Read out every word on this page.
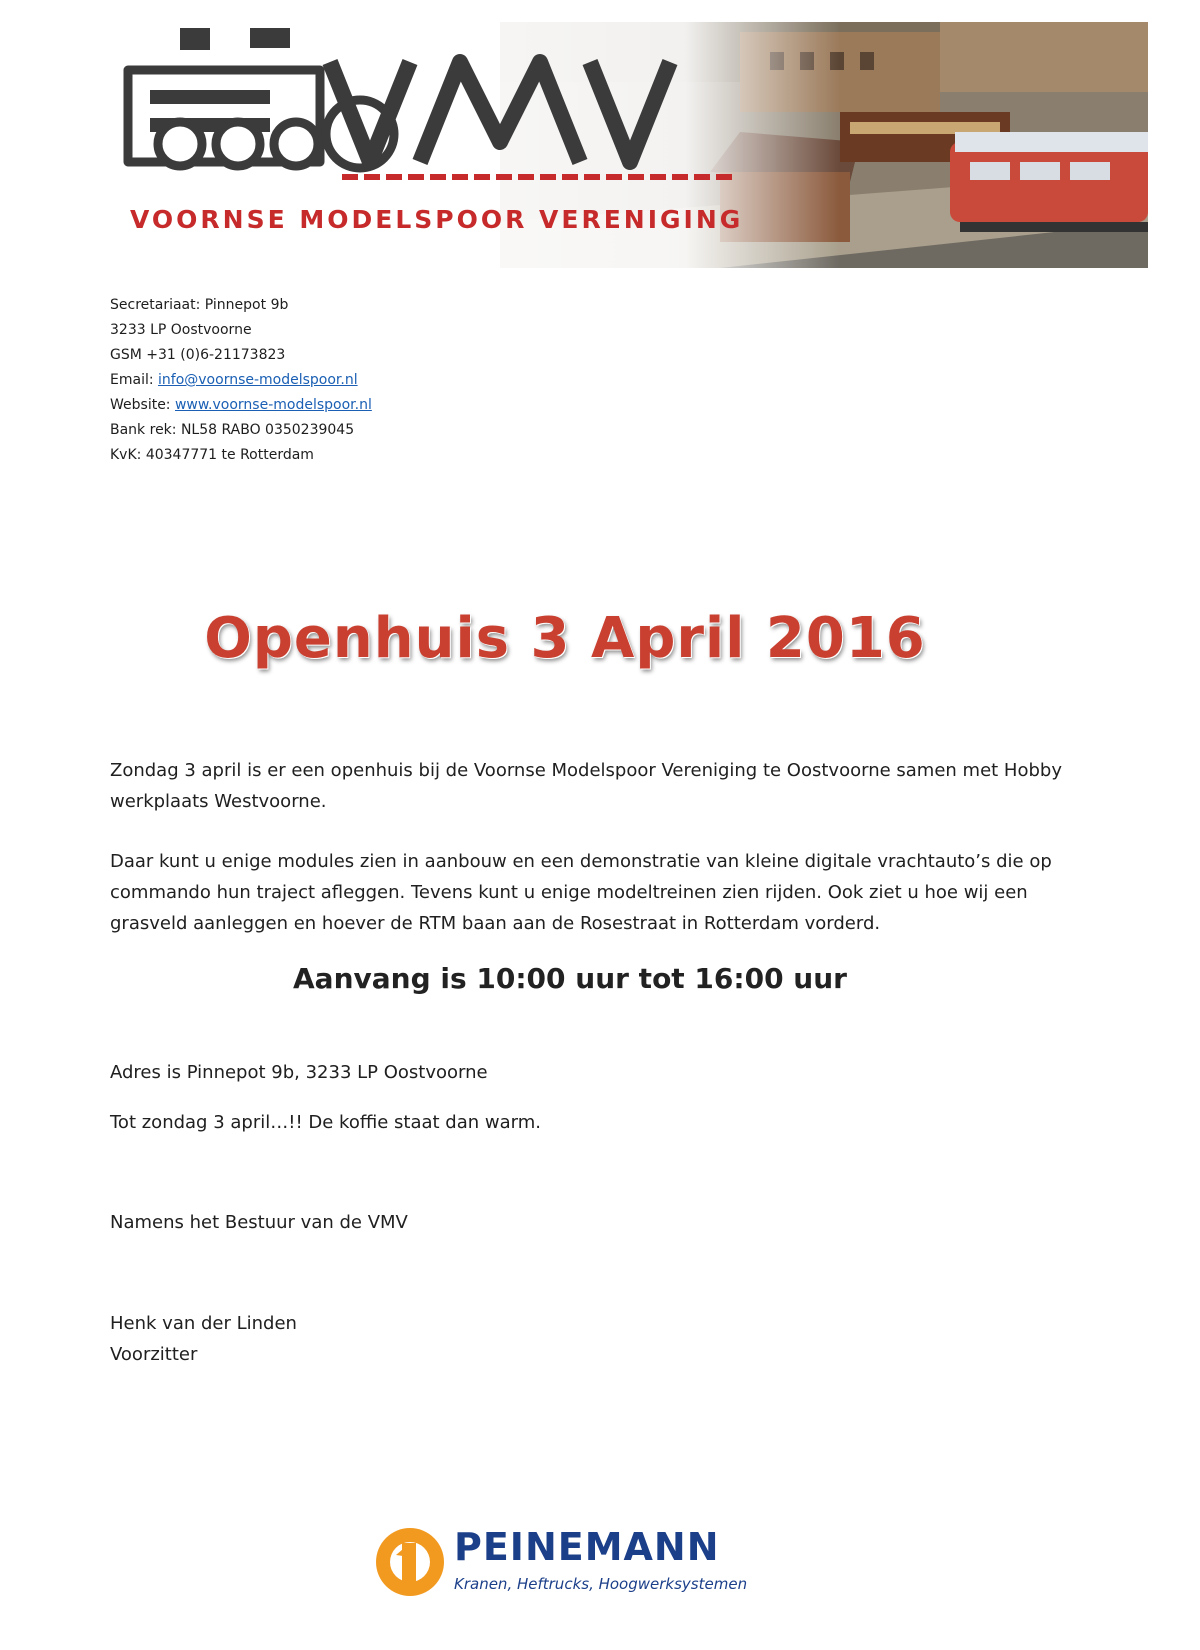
VOORNSE MODELSPOOR VERENIGING
Secretariaat: Pinnepot 9b
3233 LP Oostvoorne
GSM +31 (0)6-21173823
Email: info@voornse-modelspoor.nl
Website: www.voornse-modelspoor.nl
Bank rek: NL58 RABO 0350239045
KvK: 40347771 te Rotterdam
Openhuis 3 April 2016
Zondag 3 april is er een openhuis bij de Voornse Modelspoor Vereniging te Oostvoorne samen met Hobby werkplaats Westvoorne.
Daar kunt u enige modules zien in aanbouw en een demonstratie van kleine digitale vrachtauto’s die op commando hun traject afleggen. Tevens kunt u enige modeltreinen zien rijden. Ook ziet u hoe wij een grasveld aanleggen en hoever de RTM baan aan de Rosestraat in Rotterdam vorderd.
Aanvang is 10:00 uur tot 16:00 uur
Adres is Pinnepot 9b, 3233 LP Oostvoorne
Tot zondag 3 april…!! De koffie staat dan warm.
Namens het Bestuur van de VMV
Henk van der Linden
Voorzitter
PEINEMANN
Kranen, Heftrucks, Hoogwerksystemen
